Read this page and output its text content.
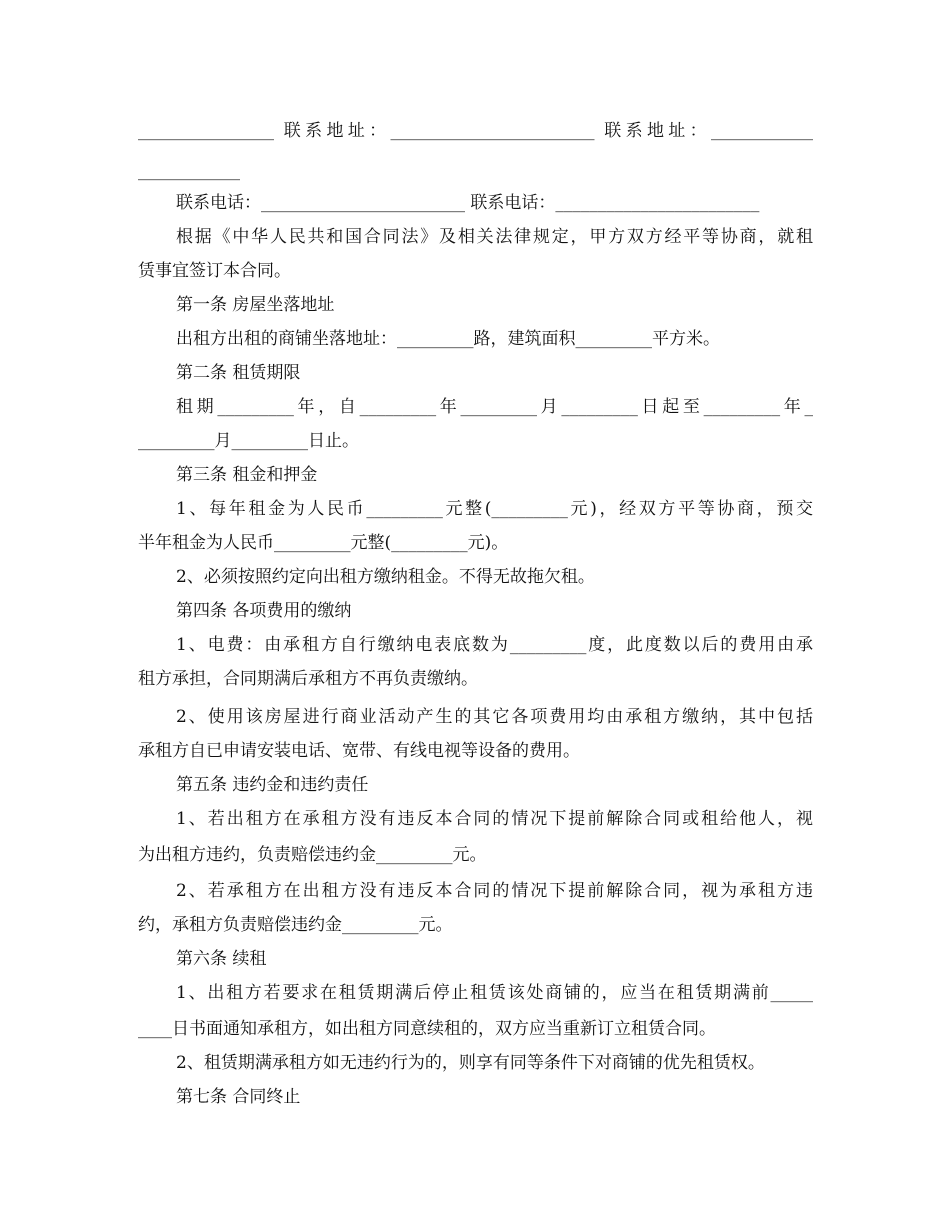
________________ 联系地址：________________________ 联系地址：____________
____________
联系电话：________________________ 联系电话：________________________
根据《中华人民共和国合同法》及相关法律规定，甲方双方经平等协商，就租
赁事宜签订本合同。
第一条 房屋坐落地址
出租方出租的商铺坐落地址：_________路，建筑面积_________平方米。
第二条 租赁期限
租期_________年，自_________年_________月_________日起至_________年_
_________月_________日止。
第三条 租金和押金
1、每年租金为人民币_________元整(_________元)，经双方平等协商，预交
半年租金为人民币_________元整(_________元)。
2、必须按照约定向出租方缴纳租金。不得无故拖欠租。
第四条 各项费用的缴纳
1、电费：由承租方自行缴纳电表底数为_________度，此度数以后的费用由承
租方承担，合同期满后承租方不再负责缴纳。
2、使用该房屋进行商业活动产生的其它各项费用均由承租方缴纳，其中包括
承租方自已申请安装电话、宽带、有线电视等设备的费用。
第五条 违约金和违约责任
1、若出租方在承租方没有违反本合同的情况下提前解除合同或租给他人，视
为出租方违约，负责赔偿违约金_________元。
2、若承租方在出租方没有违反本合同的情况下提前解除合同，视为承租方违
约，承租方负责赔偿违约金_________元。
第六条 续租
1、出租方若要求在租赁期满后停止租赁该处商铺的，应当在租赁期满前_____
____日书面通知承租方，如出租方同意续租的，双方应当重新订立租赁合同。
2、租赁期满承租方如无违约行为的，则享有同等条件下对商铺的优先租赁权。
第七条 合同终止
